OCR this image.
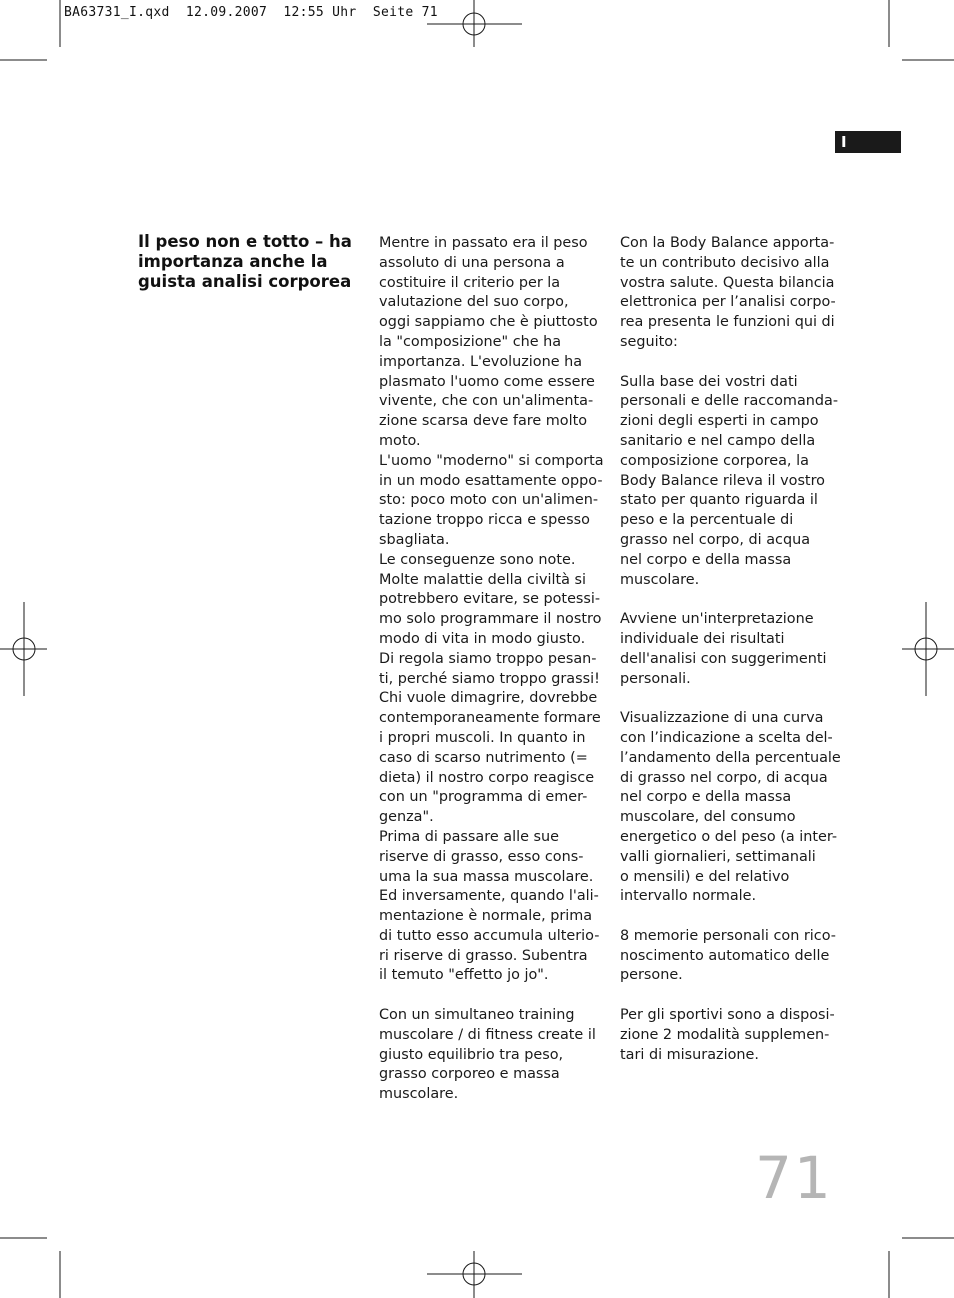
BA63731_I.qxd  12.09.2007  12:55 Uhr  Seite 71
I
Il peso non e totto – ha importanza anche la guista analisi corporea

Mentre in passato era il peso

assoluto di una persona a

costituire il criterio per la

valutazione del suo corpo,

oggi sappiamo che è piuttosto

la "composizione" che ha

importanza. L'evoluzione ha

plasmato l'uomo come essere

vivente, che con un'alimenta-

zione scarsa deve fare molto

moto.

L'uomo "moderno" si comporta

in un modo esattamente oppo-

sto: poco moto con un'alimen-

tazione troppo ricca e spesso

sbagliata.

Le conseguenze sono note.

Molte malattie della civiltà si

potrebbero evitare, se potessi-

mo solo programmare il nostro

modo di vita in modo giusto.

Di regola siamo troppo pesan-

ti, perché siamo troppo grassi!

Chi vuole dimagrire, dovrebbe

contemporaneamente formare

i propri muscoli. In quanto in

caso di scarso nutrimento (=

dieta) il nostro corpo reagisce

con un "programma di emer-

genza".

Prima di passare alle sue

riserve di grasso, esso cons-

uma la sua massa muscolare.

Ed inversamente, quando l'ali-

mentazione è normale, prima

di tutto esso accumula ulterio-

ri riserve di grasso. Subentra

il temuto "effetto jo jo".

Con un simultaneo training

muscolare / di fitness create il

giusto equilibrio tra peso,

grasso corporeo e massa

muscolare.

Con la Body Balance apporta-

te un contributo decisivo alla

vostra salute. Questa bilancia

elettronica per l’analisi corpo-

rea presenta le funzioni qui di

seguito:

Sulla base dei vostri dati

personali e delle raccomanda-

zioni degli esperti in campo

sanitario e nel campo della

composizione corporea, la

Body Balance rileva il vostro

stato per quanto riguarda il

peso e la percentuale di

grasso nel corpo, di acqua

nel corpo e della massa

muscolare.

Avviene un'interpretazione

individuale dei risultati

dell'analisi con suggerimenti

personali.

Visualizzazione di una curva

con l’indicazione a scelta del-

l’andamento della percentuale

di grasso nel corpo, di acqua

nel corpo e della massa

muscolare, del consumo

energetico o del peso (a inter-

valli giornalieri, settimanali

o mensili) e del relativo

intervallo normale.

8 memorie personali con rico-

noscimento automatico delle

persone.

Per gli sportivi sono a disposi-

zione 2 modalità supplemen-

tari di misurazione.

71
